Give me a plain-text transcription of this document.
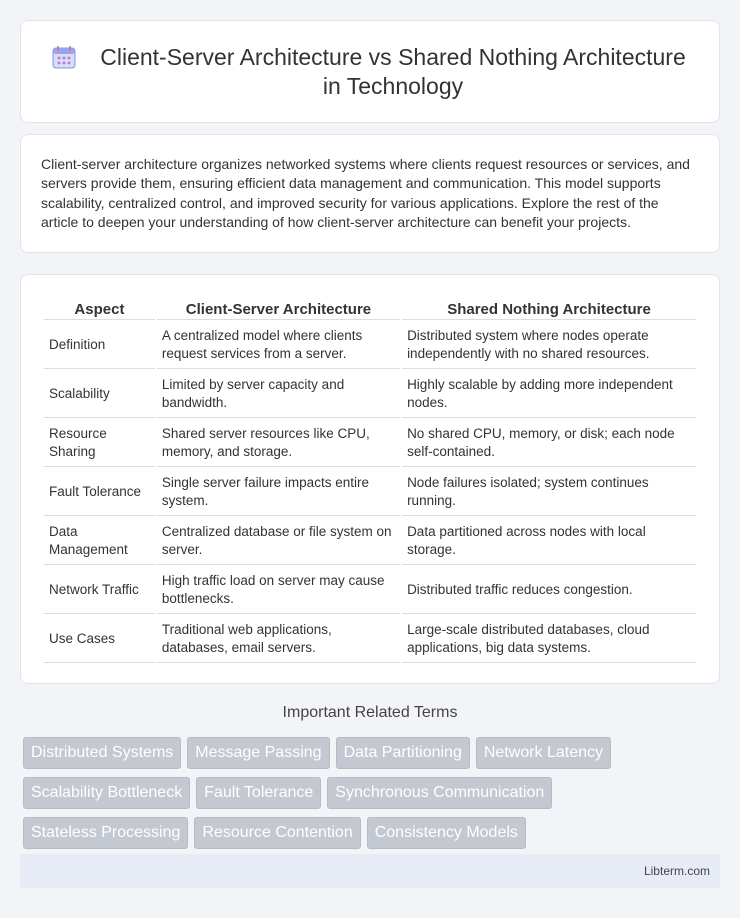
Client-Server Architecture vs Shared Nothing Architecture in Technology

Client-server architecture organizes networked systems where clients request resources or services, and servers provide them, ensuring efficient data management and communication. This model supports scalability, centralized control, and improved security for various applications. Explore the rest of the article to deepen your understanding of how client-server architecture can benefit your projects.

Aspect	Client-Server Architecture	Shared Nothing Architecture
Definition	A centralized model where clients request services from a server.	Distributed system where nodes operate independently with no shared resources.
Scalability	Limited by server capacity and bandwidth.	Highly scalable by adding more independent nodes.
Resource Sharing	Shared server resources like CPU, memory, and storage.	No shared CPU, memory, or disk; each node self-contained.
Fault Tolerance	Single server failure impacts entire system.	Node failures isolated; system continues running.
Data Management	Centralized database or file system on server.	Data partitioned across nodes with local storage.
Network Traffic	High traffic load on server may cause bottlenecks.	Distributed traffic reduces congestion.
Use Cases	Traditional web applications, databases, email servers.	Large-scale distributed databases, cloud applications, big data systems.
Important Related Terms
Distributed Systems	Message Passing	Data Partitioning	Network Latency
Scalability Bottleneck	Fault Tolerance	Synchronous Communication
Stateless Processing	Resource Contention	Consistency Models
Libterm.com
